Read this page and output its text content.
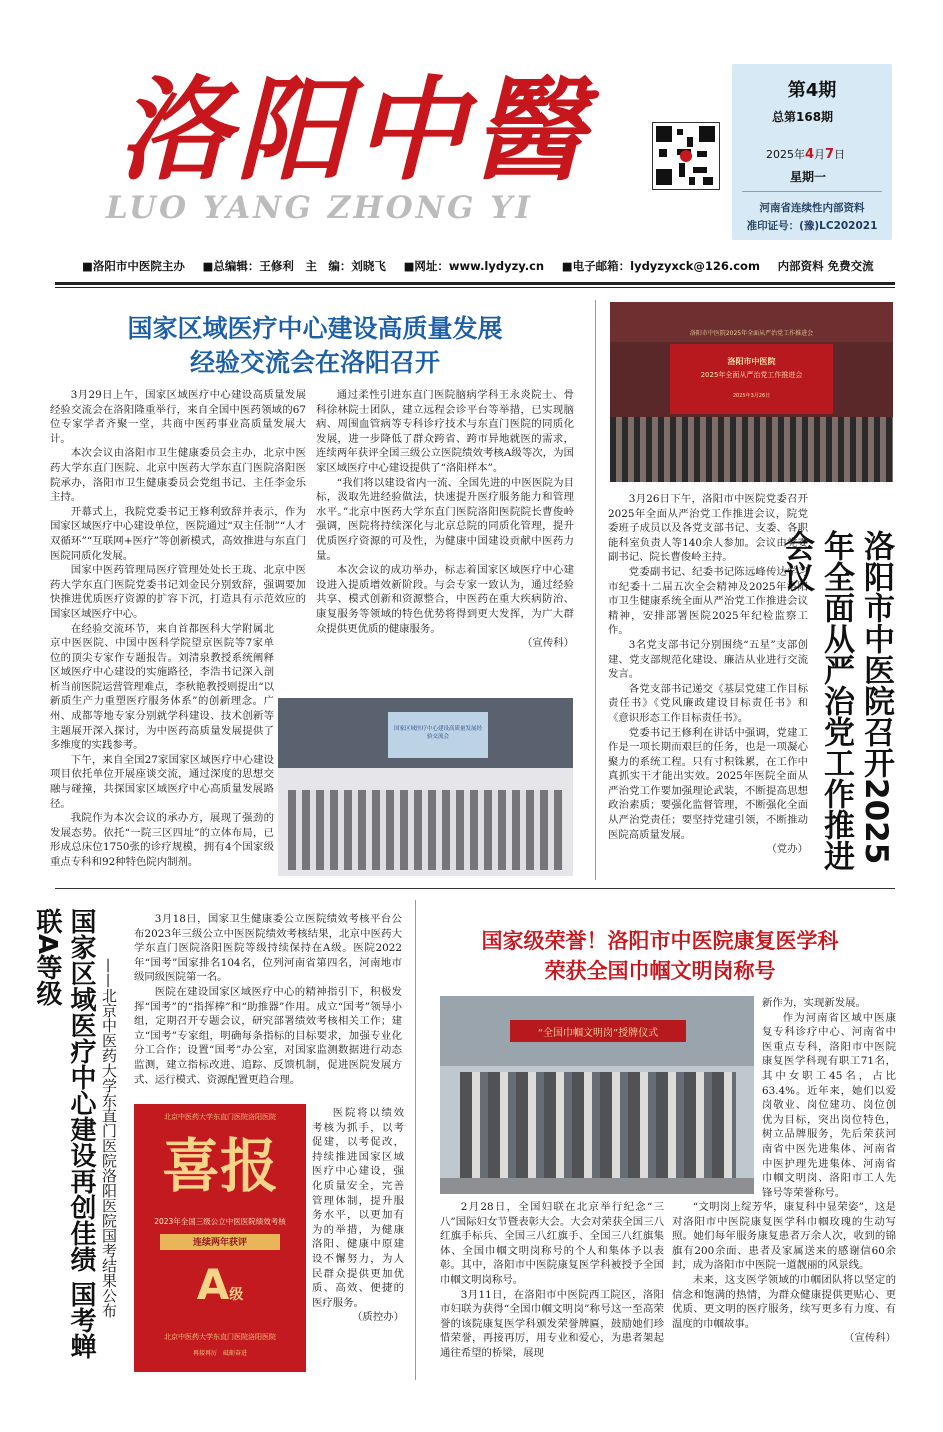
洛阳中醫
LUO YANG ZHONG YI
第4期
总第168期
2025年4月7日
星期一
河南省连续性内部资料
准印证号：(豫)LC202021
■洛阳市中医院主办 ■总编辑：王修利　主　编：刘晓飞 ■网址：www.lydyzy.cn ■电子邮箱：lydyzyxck@126.com 内部资料 免费交流
国家区域医疗中心建设高质量发展
经验交流会在洛阳召开

3月29日上午，国家区域医疗中心建设高质量发展经验交流会在洛阳隆重举行，来自全国中医药领域的67位专家学者齐聚一堂，共商中医药事业高质量发展大计。

本次会议由洛阳市卫生健康委员会主办，北京中医药大学东直门医院、北京中医药大学东直门医院洛阳医院承办，洛阳市卫生健康委员会党组书记、主任李金乐主持。

开幕式上，我院党委书记王修利致辞并表示，作为国家区域医疗中心建设单位，医院通过“双主任制”“人才双循环”“互联网+医疗”等创新模式，高效推进与东直门医院同质化发展。

国家中医药管理局医疗管理处处长王珑、北京中医药大学东直门医院党委书记刘金民分别致辞，强调要加快推进优质医疗资源的扩容下沉，打造具有示范效应的国家区域医疗中心。

在经验交流环节，来自首都医科大学附属北京中医医院、中国中医科学院望京医院等7家单位的顶尖专家作专题报告。刘清泉教授系统阐释区域医疗中心建设的实施路径，李浩书记深入剖析当前医院运营管理难点，李秋艳教授则提出“以新质生产力重塑医疗服务体系”的创新理念。广州、成都等地专家分别就学科建设、技术创新等主题展开深入探讨，为中医药高质量发展提供了多维度的实践参考。

下午，来自全国27家国家区域医疗中心建设项目依托单位开展座谈交流，通过深度的思想交融与碰撞，共探国家区域医疗中心高质量发展路径。

我院作为本次会议的承办方，展现了强劲的发展态势。依托“一院三区四址”的立体布局，已形成总床位1750张的诊疗规模，拥有4个国家级重点专科和92种特色院内制剂。

通过柔性引进东直门医院脑病学科王永炎院士、骨科徐林院士团队，建立远程会诊平台等举措，已实现脑病、周围血管病等专科诊疗技术与东直门医院的同质化发展，进一步降低了群众跨省、跨市异地就医的需求，连续两年获评全国三级公立医院绩效考核A级等次，为国家区域医疗中心建设提供了“洛阳样本”。

“我们将以建设省内一流、全国先进的中医医院为目标，汲取先进经验做法，快速提升医疗服务能力和管理水平。”北京中医药大学东直门医院洛阳医院院长曹俊岭强调，医院将持续深化与北京总院的同质化管理，提升优质医疗资源的可及性，为健康中国建设贡献中医药力量。

本次会议的成功举办，标志着国家区域医疗中心建设进入提质增效新阶段。与会专家一致认为，通过经验共享、模式创新和资源整合，中医药在重大疾病防治、康复服务等领域的特色优势将得到更大发挥，为广大群众提供更优质的健康服务。

（宣传科）
国家区域医疗中心建设高质量发展经验交流会
洛阳市中医院2025年全面从严治党工作推进会
洛阳市中医院
2025年全面从严治党工作推进会
2025年3月26日

3月26日下午，洛阳市中医院党委召开2025年全面从严治党工作推进会议，院党委班子成员以及各党支部书记、支委、各职能科室负责人等140余人参加。会议由党委副书记、院长曹俊岭主持。

党委副书记、纪委书记陈远峰传达学习市纪委十二届五次全会精神及2025年洛阳市卫生健康系统全面从严治党工作推进会议精神，安排部署医院2025年纪检监察工作。

3名党支部书记分别围绕“五星”支部创建、党支部规范化建设、廉洁从业进行交流发言。

各党支部书记递交《基层党建工作目标责任书》《党风廉政建设目标责任书》和《意识形态工作目标责任书》。

党委书记王修利在讲话中强调，党建工作是一项长期而艰巨的任务，也是一项凝心聚力的系统工程。只有寸积铢累，在工作中真抓实干才能出实效。2025年医院全面从严治党工作要加强理论武装，不断提高思想政治素质；要强化监督管理，不断强化全面从严治党责任；要坚持党建引领，不断推动医院高质量发展。

（党办）	洛阳市中医院召开2025年全面从严治党工作推进会议
国家区域医疗中心建设再创佳绩 国考蝉联A等级
——北京中医药大学东直门医院洛阳医院国考结果公布

3月18日，国家卫生健康委公立医院绩效考核平台公布2023年三级公立中医医院绩效考核结果，北京中医药大学东直门医院洛阳医院等级持续保持在A级。医院2022年“国考”国家排名104名，位列河南省第四名，河南地市级同级医院第一名。

医院在建设国家区域医疗中心的精神指引下，积极发挥“国考”的“指挥棒”和“助推器”作用。成立“国考”领导小组，定期召开专题会议，研究部署绩效考核相关工作；建立“国考”专家组，明确每条指标的目标要求，加强专业化分工合作；设置“国考”办公室，对国家监测数据进行动态监测，建立指标改进、追踪、反馈机制，促进医院发展方式、运行模式、资源配置更趋合理。

医院将以绩效考核为抓手，以考促建，以考促改，持续推进国家区域医疗中心建设，强化质量安全，完善管理体制，提升服务水平，以更加有为的举措，为健康洛阳、健康中原建设不懈努力，为人民群众提供更加优质、高效、便捷的医疗服务。

（质控办）
北京中医药大学东直门医院洛阳医院
喜报
2023年全国三级公立中医医院绩效考核
连续两年获评
A级
北京中医药大学东直门医院洛阳医院
再接再厉　砥砺奋进
国家级荣誉！洛阳市中医院康复医学科
荣获全国巾帼文明岗称号
“全国巾帼文明岗”授牌仪式
新作为，实现新发展。

作为河南省区域中医康复专科诊疗中心、河南省中医重点专科，洛阳市中医院康复医学科现有职工71名，其中女职工45名，占比63.4%。近年来，她们以爱岗敬业、岗位建功、岗位创优为目标，突出岗位特色，树立品牌服务，先后荣获河南省中医先进集体、河南省中医护理先进集体、河南省巾帼文明岗、洛阳市工人先锋号等荣誉称号。

2月28日，全国妇联在北京举行纪念“三八”国际妇女节暨表彰大会。大会对荣获全国三八红旗手标兵、全国三八红旗手、全国三八红旗集体、全国巾帼文明岗称号的个人和集体予以表彰。其中，洛阳市中医院康复医学科被授予全国巾帼文明岗称号。

3月11日，在洛阳市中医院西工院区，洛阳市妇联为获得“全国巾帼文明岗”称号这一至高荣誉的该院康复医学科颁发荣誉牌匾，鼓励她们珍惜荣誉，再接再厉，用专业和爱心，为患者架起通往希望的桥梁，展现

“文明岗上绽芳华，康复科中显荣姿”，这是对洛阳市中医院康复医学科巾帼玫瑰的生动写照。她们每年服务康复患者万余人次，收到的锦旗有200余面、患者及家属送来的感谢信60余封，成为洛阳市中医院一道靓丽的风景线。

未来，这支医学领域的巾帼团队将以坚定的信念和饱满的热情，为群众健康提供更贴心、更优质、更文明的医疗服务，续写更多有力度、有温度的巾帼故事。

（宣传科）
